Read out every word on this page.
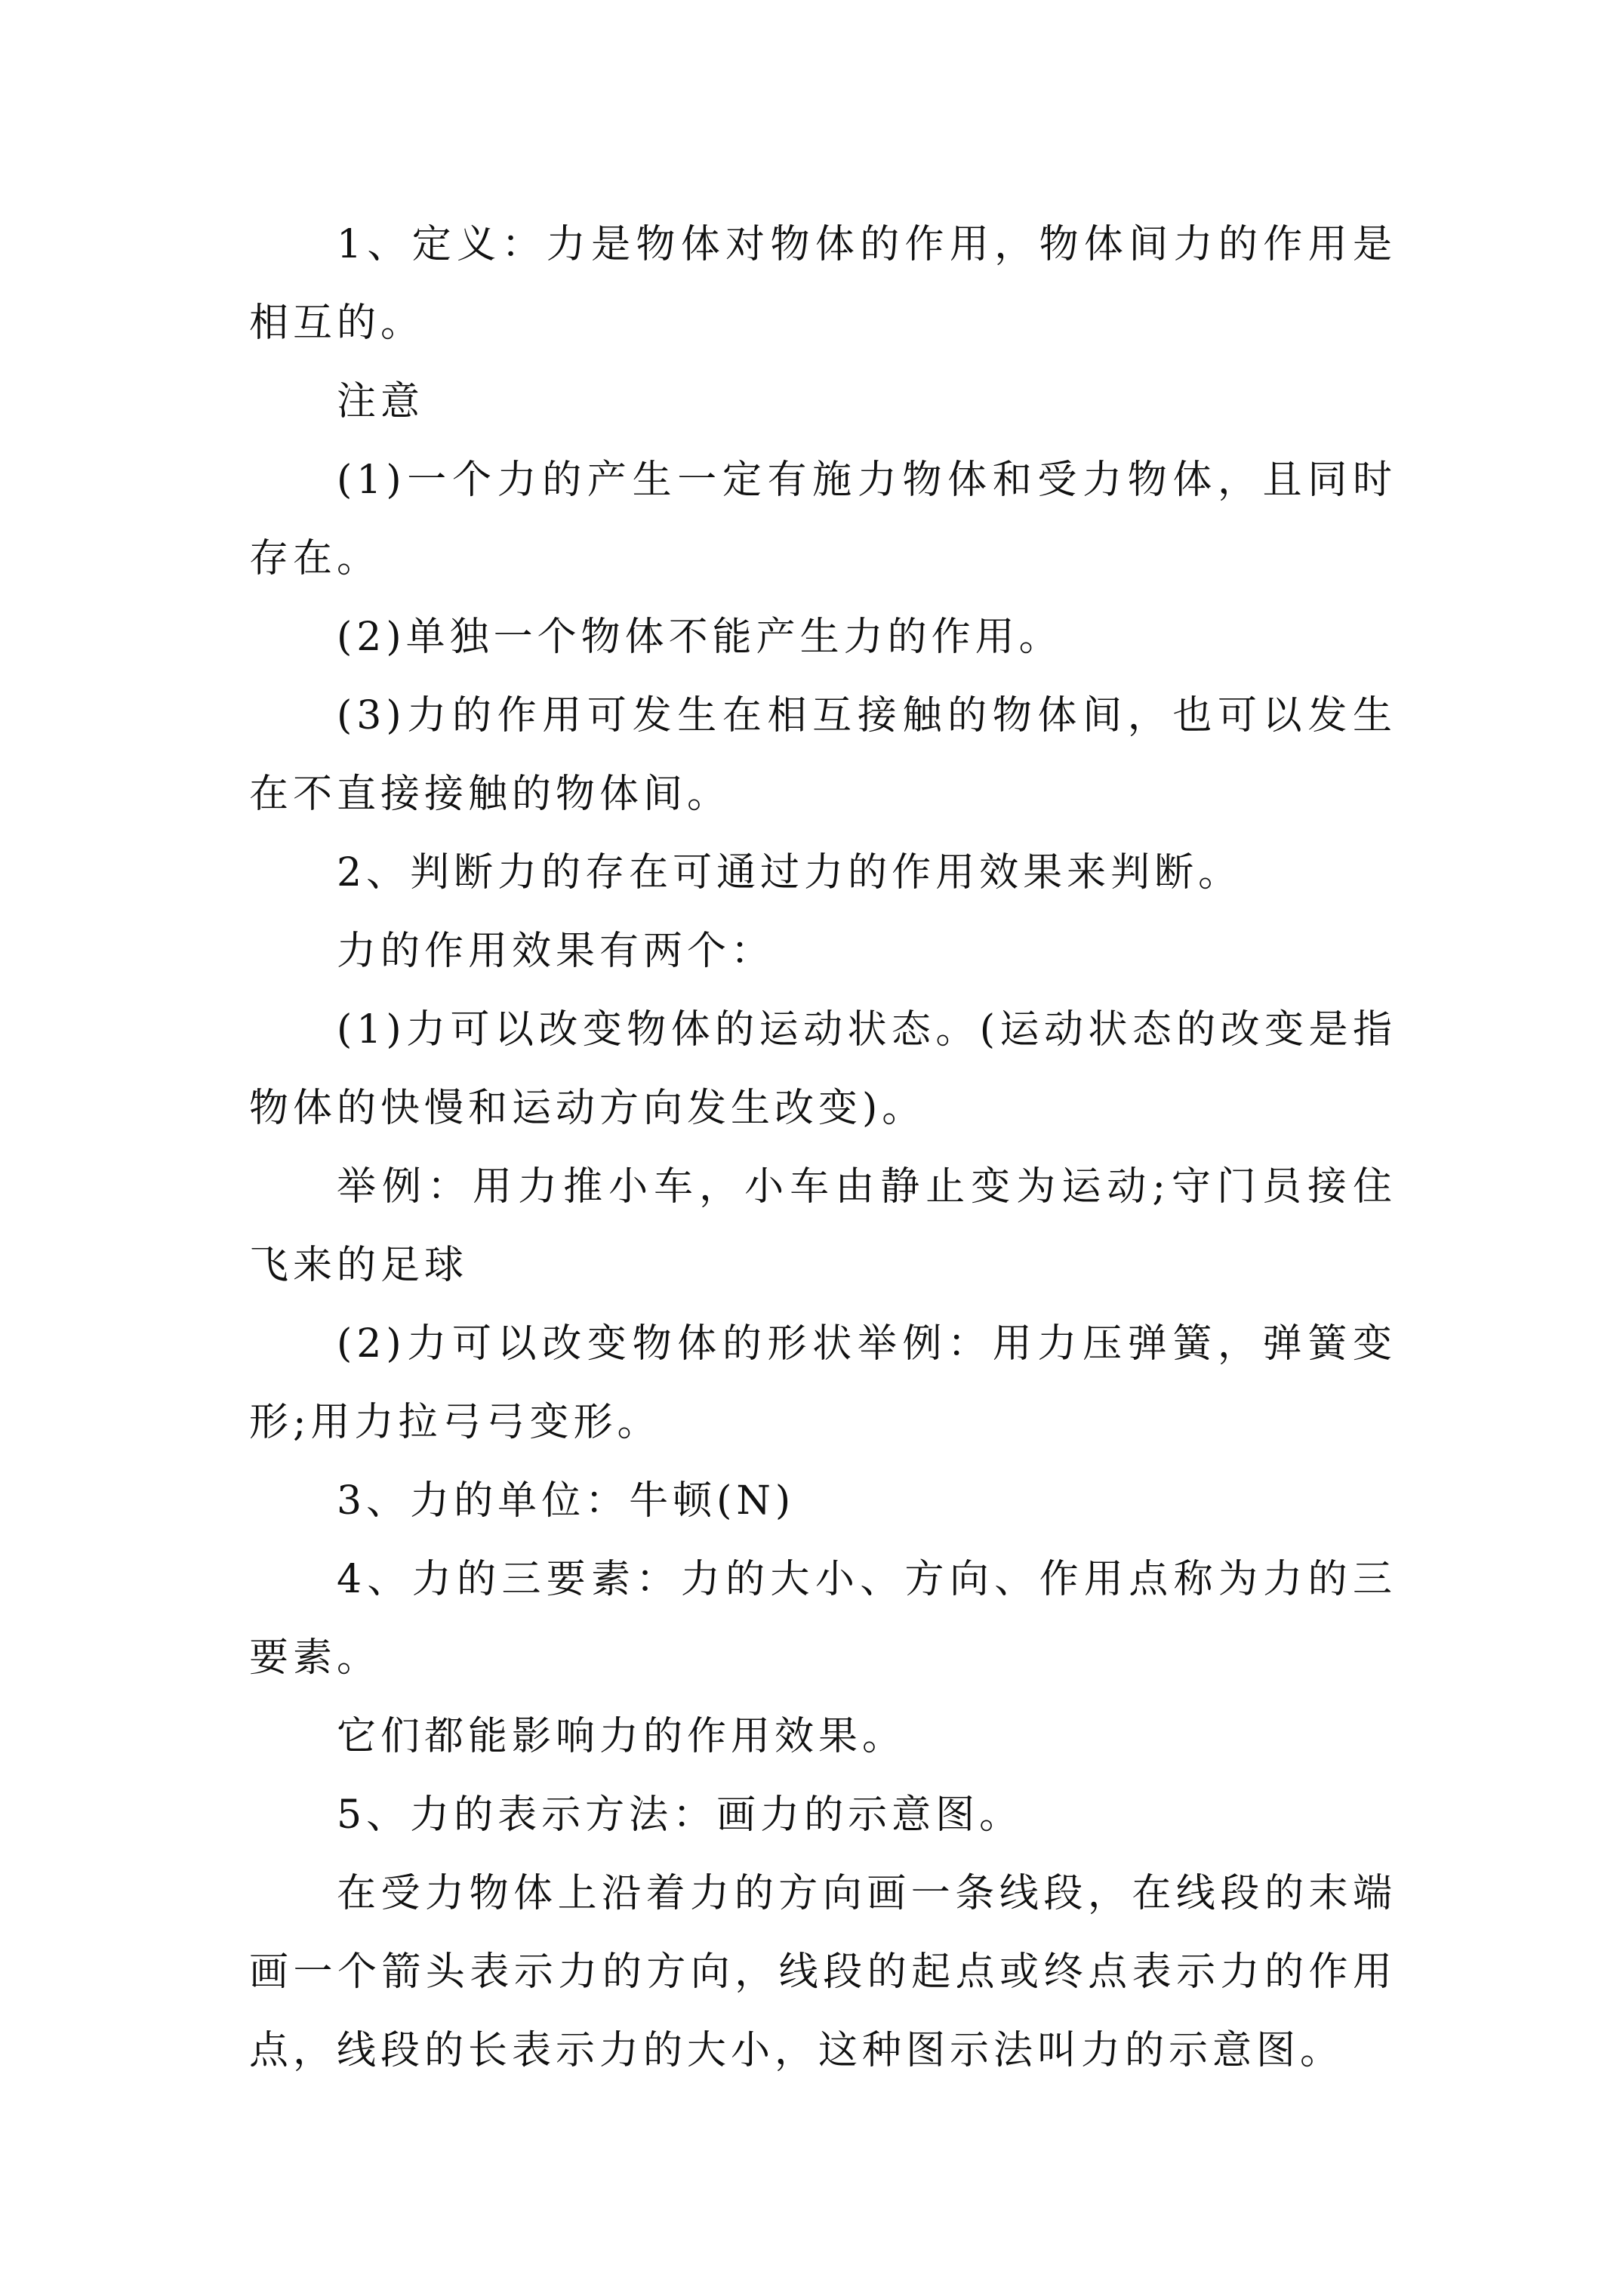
1、定义：力是物体对物体的作用，物体间力的作用是相互的。

注意

(1)一个力的产生一定有施力物体和受力物体，且同时存在。

(2)单独一个物体不能产生力的作用。

(3)力的作用可发生在相互接触的物体间，也可以发生在不直接接触的物体间。

2、判断力的存在可通过力的作用效果来判断。

力的作用效果有两个：

(1)力可以改变物体的运动状态。(运动状态的改变是指物体的快慢和运动方向发生改变)。

举例：用力推小车，小车由静止变为运动;守门员接住飞来的足球

(2)力可以改变物体的形状举例：用力压弹簧，弹簧变形;用力拉弓弓变形。

3、力的单位：牛顿(N)

4、力的三要素：力的大小、方向、作用点称为力的三要素。

它们都能影响力的作用效果。

5、力的表示方法：画力的示意图。

在受力物体上沿着力的方向画一条线段，在线段的末端画一个箭头表示力的方向，线段的起点或终点表示力的作用点，线段的长表示力的大小，这种图示法叫力的示意图。
